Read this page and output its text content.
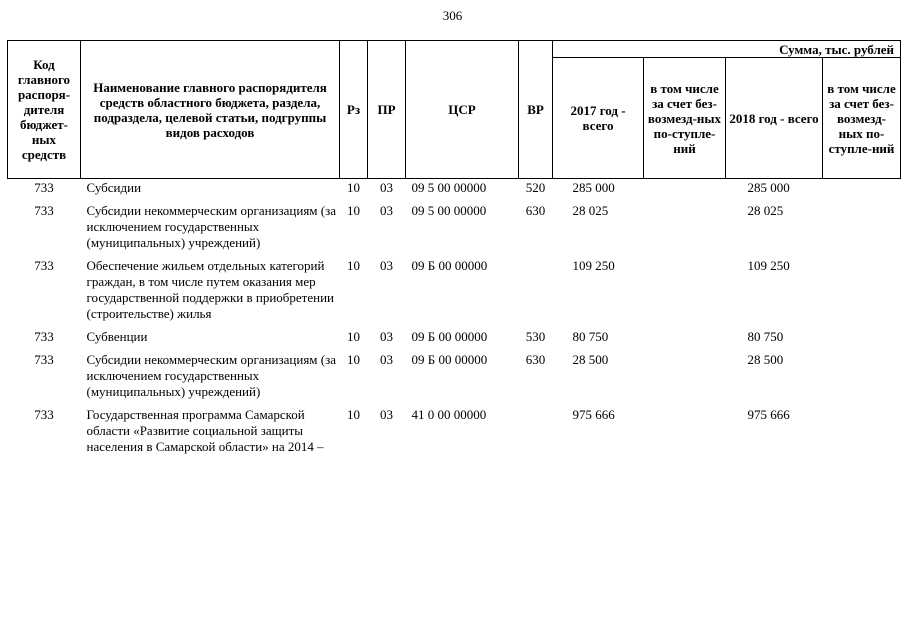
306
Код главного распоря-дителя бюджет-ных средств	Наименование главного распорядителя средств областного бюджета, раздела, подраздела, целевой статьи, подгруппы видов расходов	Рз	ПР	ЦСР	ВР	Сумма, тыс. рублей			
						2017 год - всего	в том числе за счет без-возмезд-ных по-ступле-ний	2018 год - всего	в том числе за счет без-возмезд-ных по-ступле-ний
733	Субсидии	10	03	09 5 00 00000	520	285 000		285 000	
733	Субсидии некоммерческим организациям (за исключением государственных (муниципальных) учреждений)	10	03	09 5 00 00000	630	28 025		28 025	
733	Обеспечение жильем отдельных категорий граждан, в том числе путем оказания мер государственной поддержки в приобретении (строительстве) жилья	10	03	09 Б 00 00000		109 250		109 250	
733	Субвенции	10	03	09 Б 00 00000	530	80 750		80 750	
733	Субсидии некоммерческим организациям (за исключением государственных (муниципальных) учреждений)	10	03	09 Б 00 00000	630	28 500		28 500	
733	Государственная программа Самарской области «Развитие социальной защиты населения в Самарской области» на 2014 –	10	03	41 0 00 00000		975 666		975 666	
